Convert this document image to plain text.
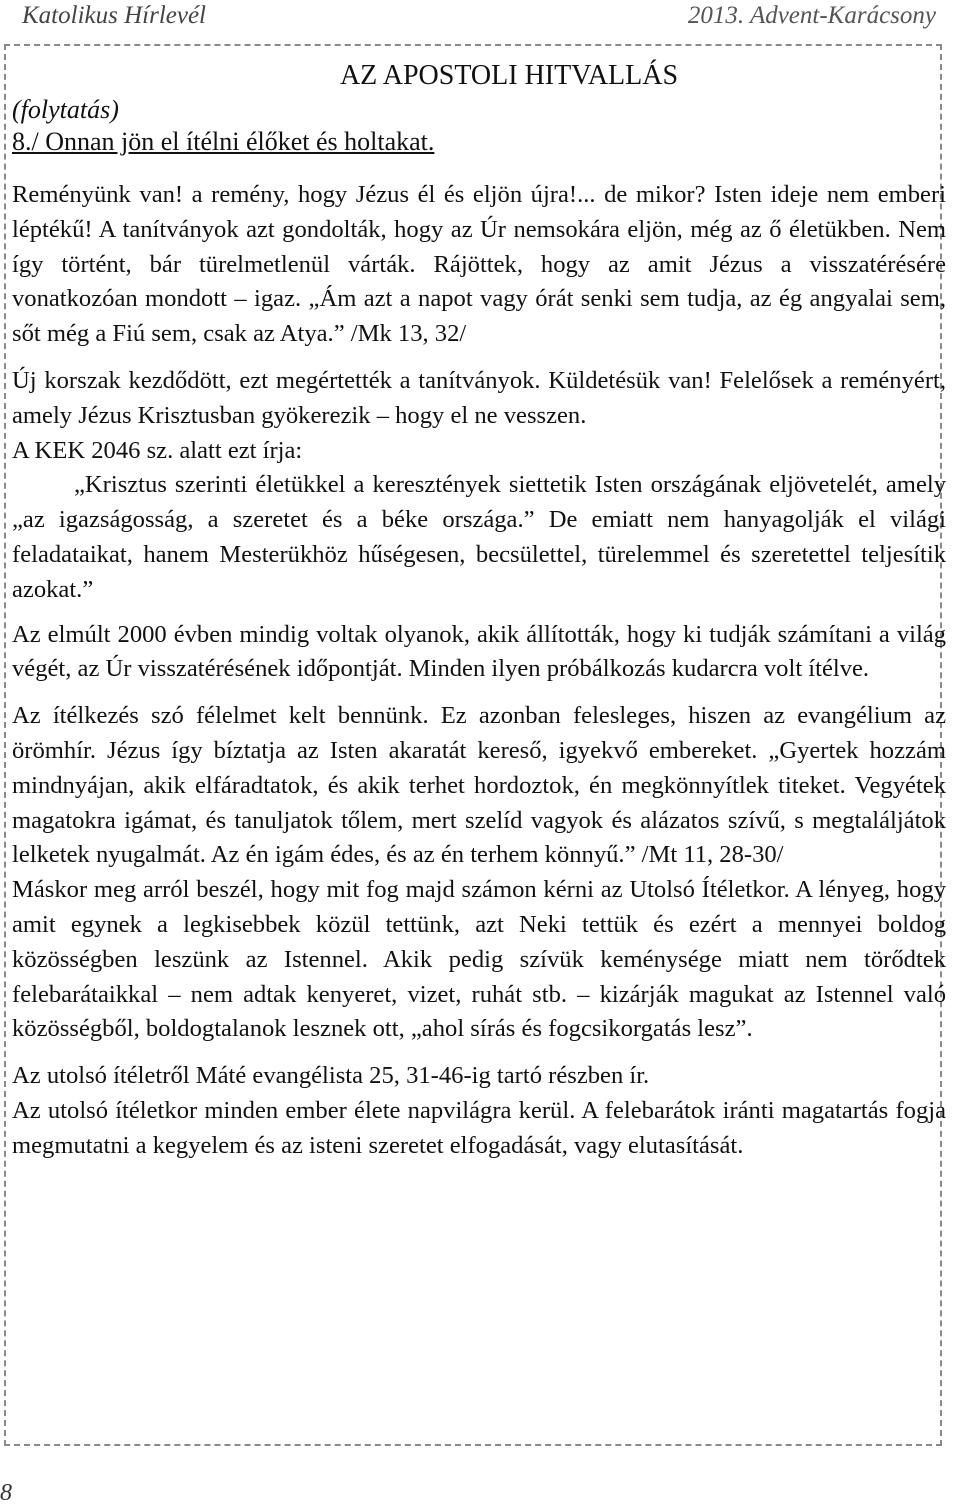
Katolikus Hírlevél	2013. Advent-Karácsony
AZ APOSTOLI HITVALLÁS
(folytatás)
8./ Onnan jön el ítélni élőket és holtakat.

Reményünk van! a remény, hogy Jézus él és eljön újra!... de mikor? Isten ideje nem emberi léptékű! A tanítványok azt gondolták, hogy az Úr nemsokára eljön, még az ő életükben. Nem így történt, bár türelmetlenül várták. Rájöttek, hogy az amit Jézus a visszatérésére vonatkozóan mondott – igaz. „Ám azt a napot vagy órát senki sem tudja, az ég angyalai sem, sőt még a Fiú sem, csak az Atya.” /Mk 13, 32/

Új korszak kezdődött, ezt megértették a tanítványok. Küldetésük van! Felelősek a reményért, amely Jézus Krisztusban gyökerezik – hogy el ne vesszen.

A KEK 2046 sz. alatt ezt írja:

„Krisztus szerinti életükkel a keresztények siettetik Isten országának eljövetelét, amely „az igazságosság, a szeretet és a béke országa.” De emiatt nem hanyagolják el világi feladataikat, hanem Mesterükhöz hűségesen, becsülettel, türelemmel és szeretettel teljesítik azokat.”

Az elmúlt 2000 évben mindig voltak olyanok, akik állították, hogy ki tudják számítani a világ végét, az Úr visszatérésének időpontját. Minden ilyen próbálkozás kudarcra volt ítélve.

Az ítélkezés szó félelmet kelt bennünk. Ez azonban felesleges, hiszen az evangélium az örömhír. Jézus így bíztatja az Isten akaratát kereső, igyekvő embereket. „Gyertek hozzám mindnyájan, akik elfáradtatok, és akik terhet hordoztok, én megkönnyítlek titeket. Vegyétek magatokra igámat, és tanuljatok tőlem, mert szelíd vagyok és alázatos szívű, s megtaláljátok lelketek nyugalmát. Az én igám édes, és az én terhem könnyű.” /Mt 11, 28-30/

Máskor meg arról beszél, hogy mit fog majd számon kérni az Utolsó Ítéletkor. A lényeg, hogy amit egynek a legkisebbek közül tettünk, azt Neki tettük és ezért a mennyei boldog közösségben leszünk az Istennel. Akik pedig szívük keménysége miatt nem törődtek felebarátaikkal – nem adtak kenyeret, vizet, ruhát stb. – kizárják magukat az Istennel való közösségből, boldogtalanok lesznek ott, „ahol sírás és fogcsikorgatás lesz”.

Az utolsó ítéletről Máté evangélista 25, 31-46-ig tartó részben ír.

Az utolsó ítéletkor minden ember élete napvilágra kerül. A felebarátok iránti magatartás fogja megmutatni a kegyelem és az isteni szeretet elfogadását, vagy elutasítását.

8
